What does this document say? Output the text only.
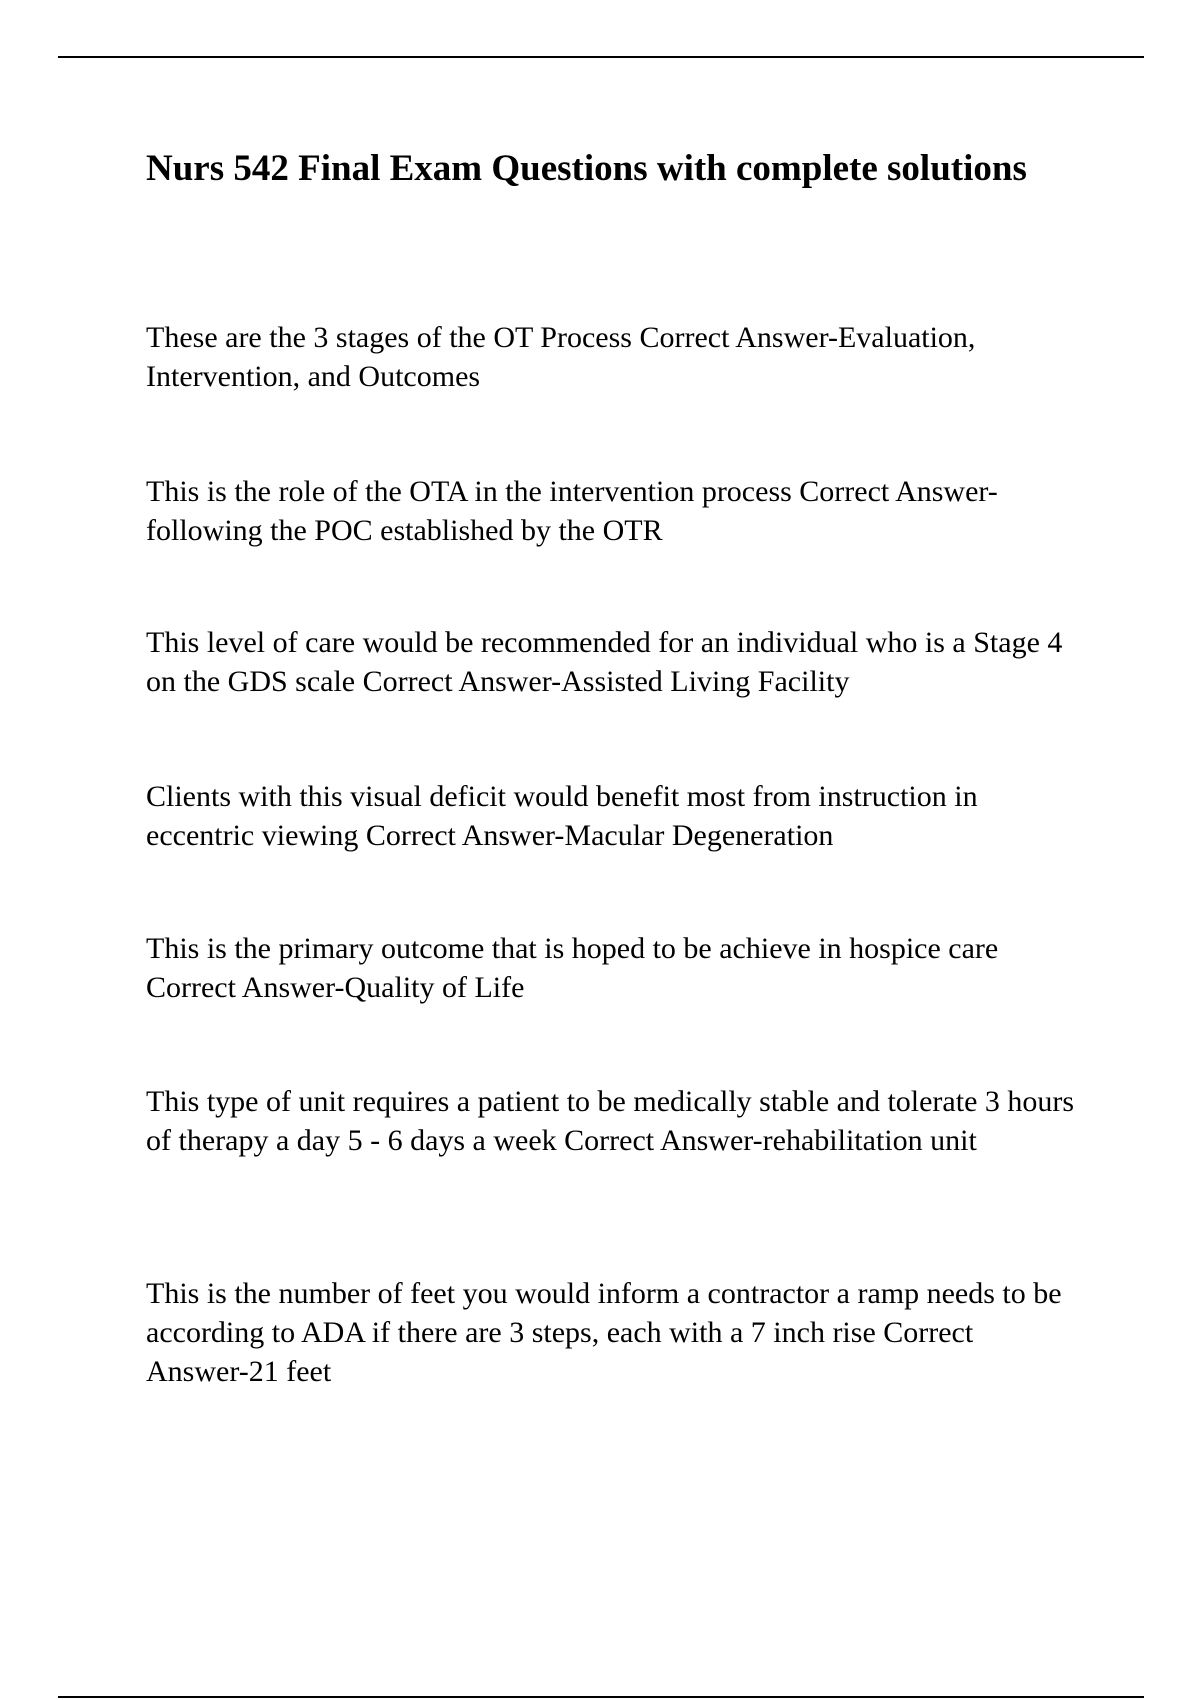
Nurs 542 Final Exam Questions with complete solutions

These are the 3 stages of the OT Process Correct Answer-Evaluation, Intervention, and Outcomes

This is the role of the OTA in the intervention process Correct Answer-following the POC established by the OTR

This level of care would be recommended for an individual who is a Stage 4 on the GDS scale Correct Answer-Assisted Living Facility

Clients with this visual deficit would benefit most from instruction in eccentric viewing Correct Answer-Macular Degeneration

This is the primary outcome that is hoped to be achieve in hospice care Correct Answer-Quality of Life

This type of unit requires a patient to be medically stable and tolerate 3 hours of therapy a day 5 - 6 days a week Correct Answer-rehabilitation unit

This is the number of feet you would inform a contractor a ramp needs to be according to ADA if there are 3 steps, each with a 7 inch rise Correct Answer-21 feet
